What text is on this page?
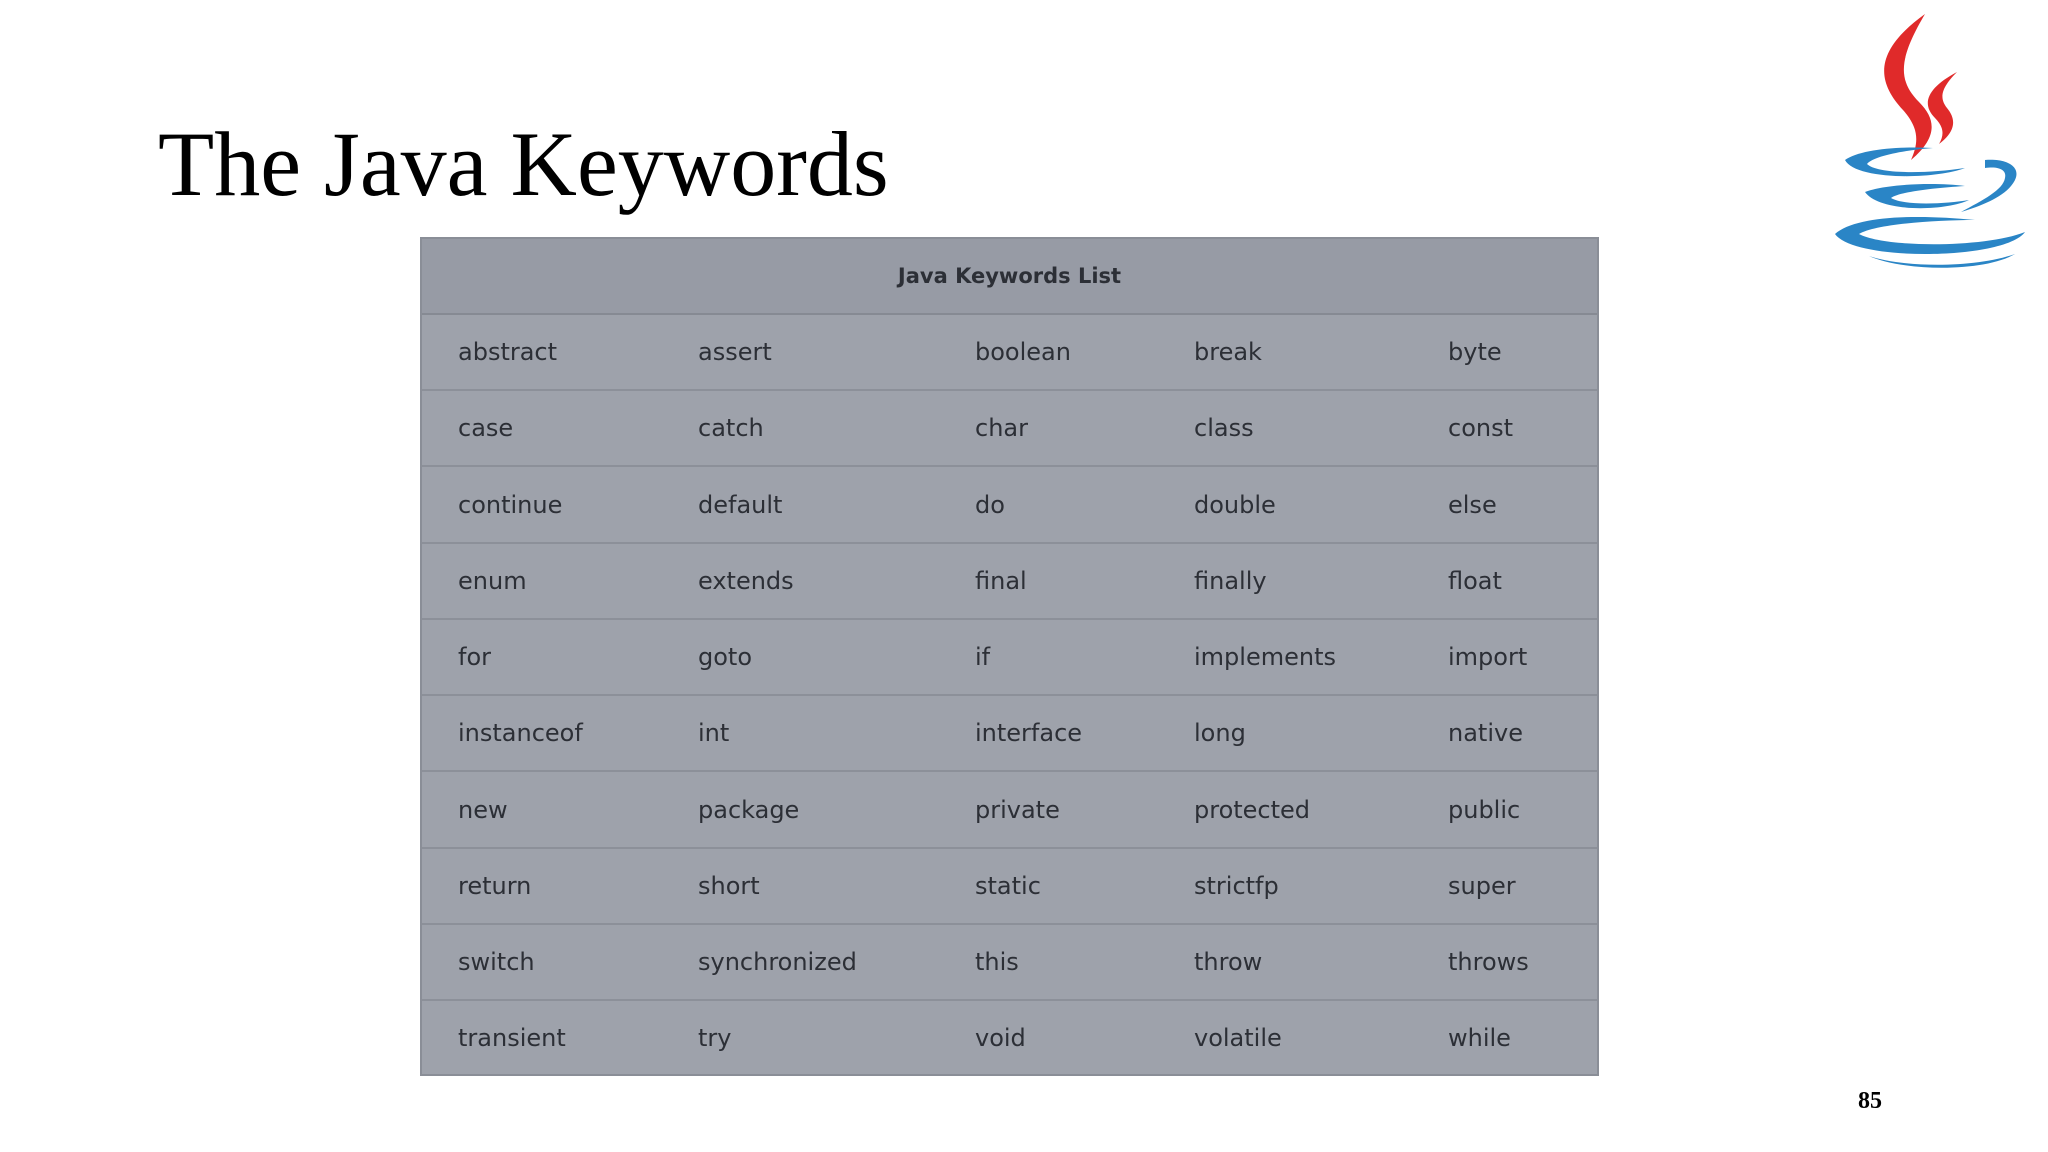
The Java Keywords
Java Keywords List				
abstract	assert	boolean	break	byte
case	catch	char	class	const
continue	default	do	double	else
enum	extends	final	finally	float
for	goto	if	implements	import
instanceof	int	interface	long	native
new	package	private	protected	public
return	short	static	strictfp	super
switch	synchronized	this	throw	throws
transient	try	void	volatile	while
85
